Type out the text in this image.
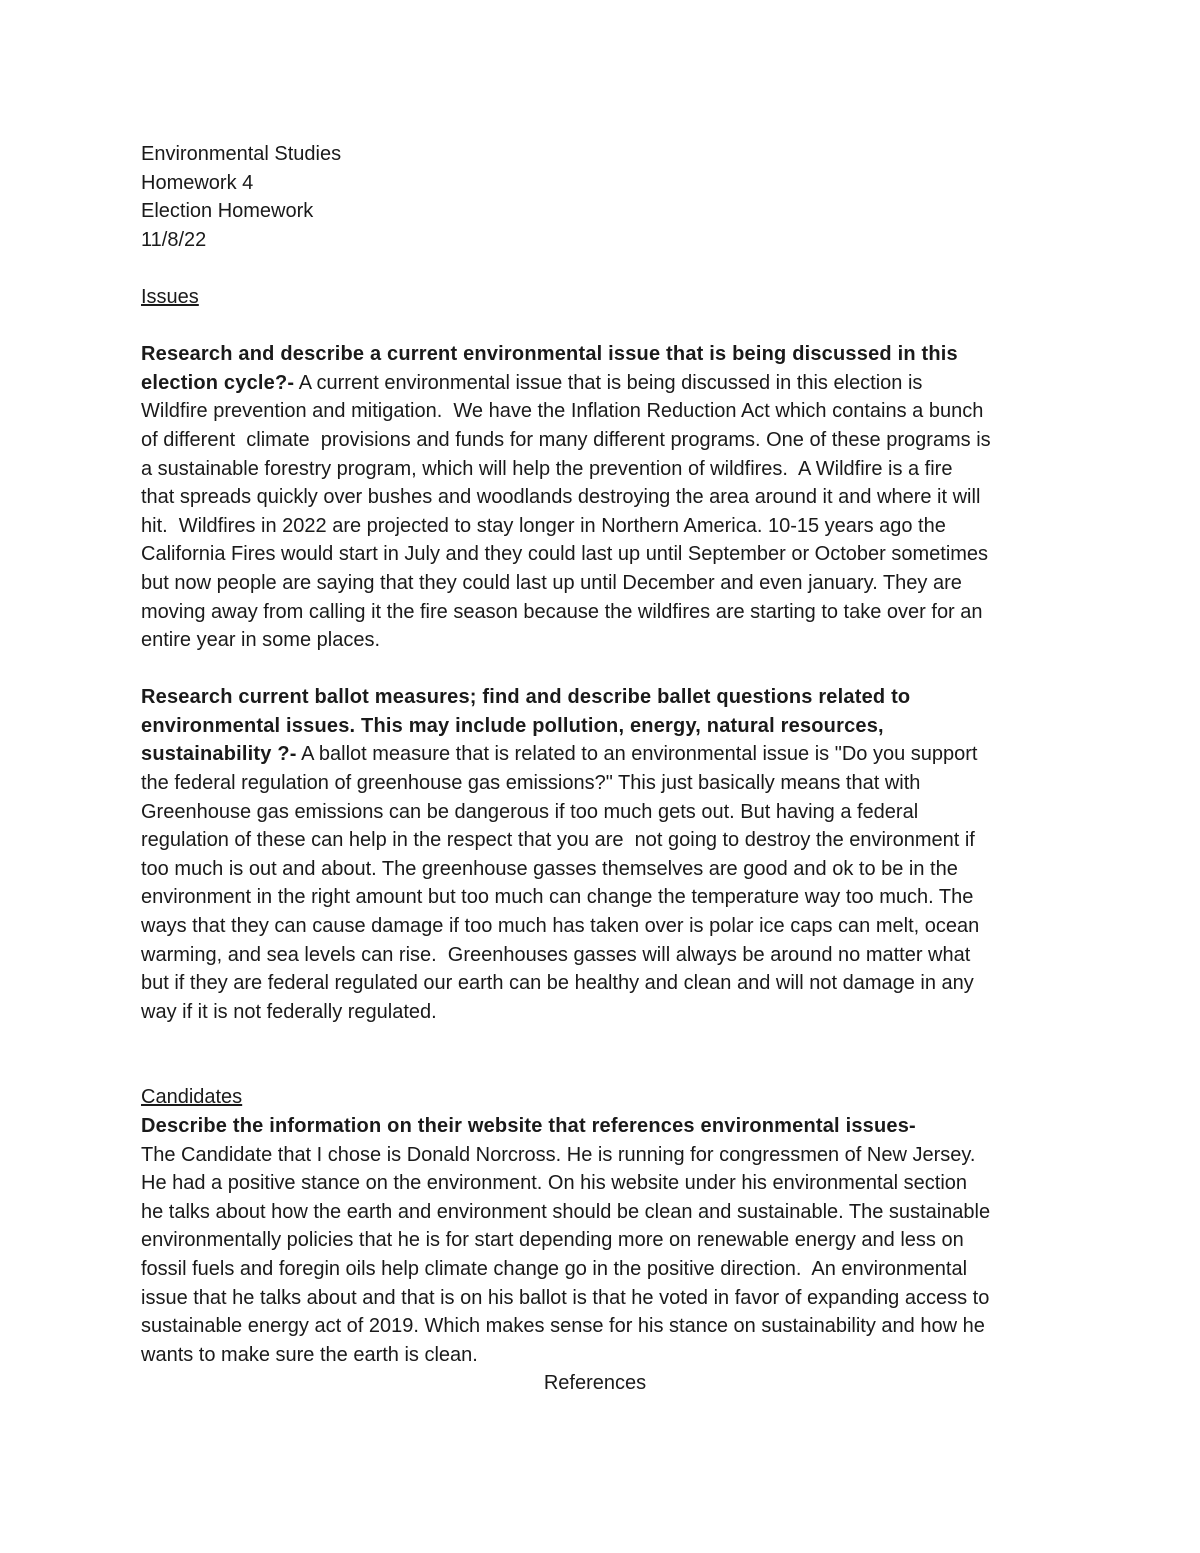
Environmental Studies
Homework 4
Election Homework
11/8/22
Issues
Research and describe a current environmental issue that is being discussed in this
election cycle?- A current environmental issue that is being discussed in this election is
Wildfire prevention and mitigation.  We have the Inflation Reduction Act which contains a bunch
of different  climate  provisions and funds for many different programs. One of these programs is
a sustainable forestry program, which will help the prevention of wildfires.  A Wildfire is a fire
that spreads quickly over bushes and woodlands destroying the area around it and where it will
hit.  Wildfires in 2022 are projected to stay longer in Northern America. 10-15 years ago the
California Fires would start in July and they could last up until September or October sometimes
but now people are saying that they could last up until December and even january. They are
moving away from calling it the fire season because the wildfires are starting to take over for an
entire year in some places.
Research current ballot measures; find and describe ballet questions related to
environmental issues. This may include pollution, energy, natural resources,
sustainability ?- A ballot measure that is related to an environmental issue is "Do you support
the federal regulation of greenhouse gas emissions?" This just basically means that with
Greenhouse gas emissions can be dangerous if too much gets out. But having a federal
regulation of these can help in the respect that you are  not going to destroy the environment if
too much is out and about. The greenhouse gasses themselves are good and ok to be in the
environment in the right amount but too much can change the temperature way too much. The
ways that they can cause damage if too much has taken over is polar ice caps can melt, ocean
warming, and sea levels can rise.  Greenhouses gasses will always be around no matter what
but if they are federal regulated our earth can be healthy and clean and will not damage in any
way if it is not federally regulated.
Candidates
Describe the information on their website that references environmental issues-
The Candidate that I chose is Donald Norcross. He is running for congressmen of New Jersey.
He had a positive stance on the environment. On his website under his environmental section
he talks about how the earth and environment should be clean and sustainable. The sustainable
environmentally policies that he is for start depending more on renewable energy and less on
fossil fuels and foregin oils help climate change go in the positive direction.  An environmental
issue that he talks about and that is on his ballot is that he voted in favor of expanding access to
sustainable energy act of 2019. Which makes sense for his stance on sustainability and how he
wants to make sure the earth is clean.
References
